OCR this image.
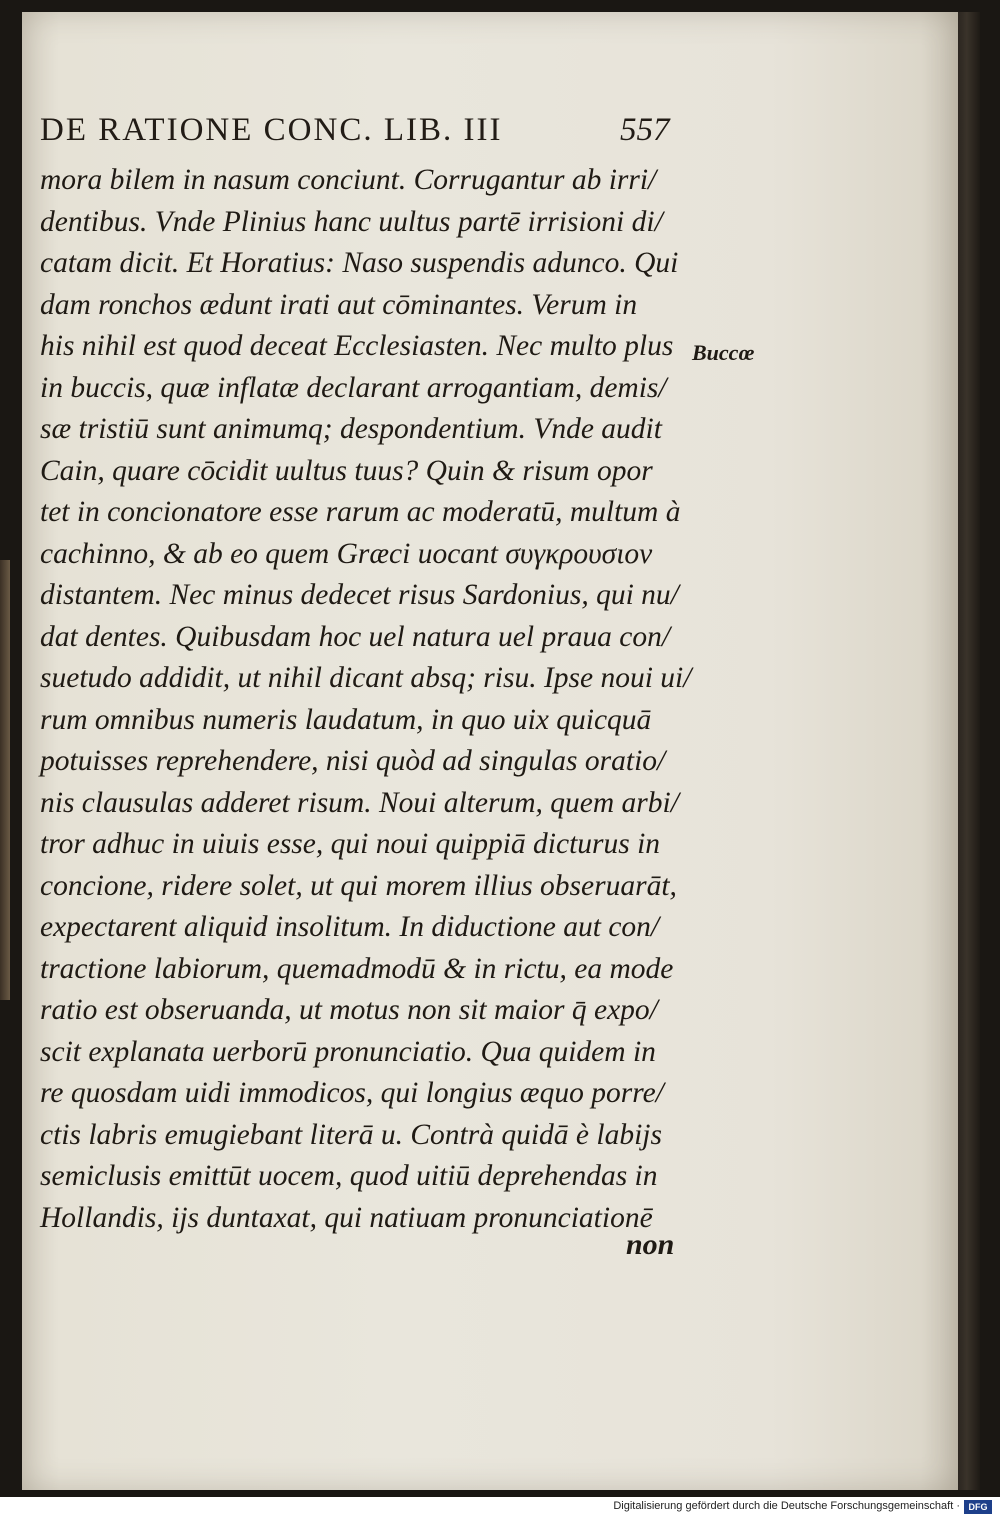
DE RATIONE CONC. LIB. III	557
Buccœ
mora bilem in nasum conciunt. Corrugantur ab irri/
dentibus. Vnde Plinius hanc uultus partē irrisioni di/
catam dicit. Et Horatius: Naso suspendis adunco. Qui
dam ronchos ædunt irati aut cōminantes. Verum in
his nihil est quod deceat Ecclesiasten. Nec multo plus
in buccis, quæ inflatæ declarant arrogantiam, demis/
sæ tristiū sunt animumq; despondentium. Vnde audit
Cain, quare cōcidit uultus tuus? Quin & risum opor
tet in concionatore esse rarum ac moderatū, multum à
cachinno, & ab eo quem Græci uocant συγκρουσιον
distantem. Nec minus dedecet risus Sardonius, qui nu/
dat dentes. Quibusdam hoc uel natura uel praua con/
suetudo addidit, ut nihil dicant absq; risu. Ipse noui ui/
rum omnibus numeris laudatum, in quo uix quicquā
potuisses reprehendere, nisi quòd ad singulas oratio/
nis clausulas adderet risum. Noui alterum, quem arbi/
tror adhuc in uiuis esse, qui noui quippiā dicturus in
concione, ridere solet, ut qui morem illius obseruarāt,
expectarent aliquid insolitum. In diductione aut con/
tractione labiorum, quemadmodū & in rictu, ea mode
ratio est obseruanda, ut motus non sit maior q̄ expo/
scit explanata uerborū pronunciatio. Qua quidem in
re quosdam uidi immodicos, qui longius æquo porre/
ctis labris emugiebant literā u. Contrà quidā è labijs
semiclusis emittūt uocem, quod uitiū deprehendas in
Hollandis, ijs duntaxat, qui natiuam pronunciationē
non
Digitalisierung gefördert durch die Deutsche Forschungsgemeinschaft · DFG
